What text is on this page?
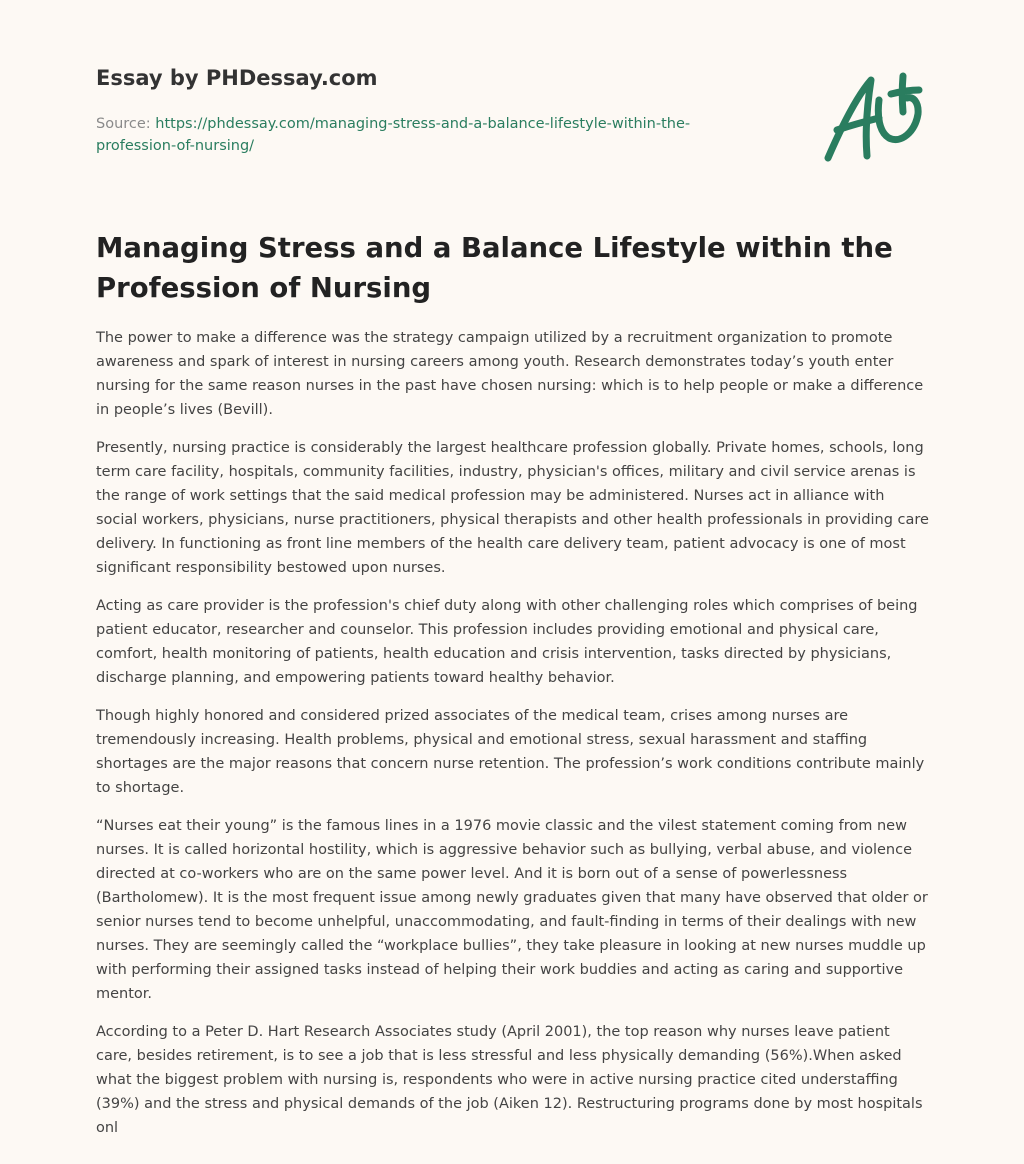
Essay by PHDessay.com
Source: https://phdessay.com/managing-stress-and-a-balance-lifestyle-within-the-profession-of-nursing/
Managing Stress and a Balance Lifestyle within the Profession of Nursing

The power to make a difference was the strategy campaign utilized by a recruitment organization to promote awareness and spark of interest in nursing careers among youth. Research demonstrates today’s youth enter nursing for the same reason nurses in the past have chosen nursing: which is to help people or make a difference in people’s lives (Bevill).

Presently, nursing practice is considerably the largest healthcare profession globally. Private homes, schools, long term care facility, hospitals, community facilities, industry, physician's offices, military and civil service arenas is the range of work settings that the said medical profession may be administered. Nurses act in alliance with social workers, physicians, nurse practitioners, physical therapists and other health professionals in providing care delivery. In functioning as front line members of the health care delivery team, patient advocacy is one of most significant responsibility bestowed upon nurses.

Acting as care provider is the profession's chief duty along with other challenging roles which comprises of being patient educator, researcher and counselor. This profession includes providing emotional and physical care, comfort, health monitoring of patients, health education and crisis intervention, tasks directed by physicians, discharge planning, and empowering patients toward healthy behavior.

Though highly honored and considered prized associates of the medical team, crises among nurses are tremendously increasing. Health problems, physical and emotional stress, sexual harassment and staffing shortages are the major reasons that concern nurse retention. The profession’s work conditions contribute mainly to shortage.

“Nurses eat their young” is the famous lines in a 1976 movie classic and the vilest statement coming from new nurses. It is called horizontal hostility, which is aggressive behavior such as bullying, verbal abuse, and violence directed at co-workers who are on the same power level. And it is born out of a sense of powerlessness (Bartholomew). It is the most frequent issue among newly graduates given that many have observed that older or senior nurses tend to become unhelpful, unaccommodating, and fault-finding in terms of their dealings with new nurses. They are seemingly called the “workplace bullies”, they take pleasure in looking at new nurses muddle up with performing their assigned tasks instead of helping their work buddies and acting as caring and supportive mentor.

According to a Peter D. Hart Research Associates study (April 2001), the top reason why nurses leave patient care, besides retirement, is to see a job that is less stressful and less physically demanding (56%).When asked what the biggest problem with nursing is, respondents who were in active nursing practice cited understaffing (39%) and the stress and physical demands of the job (Aiken 12). Restructuring programs done by most hospitals onl
